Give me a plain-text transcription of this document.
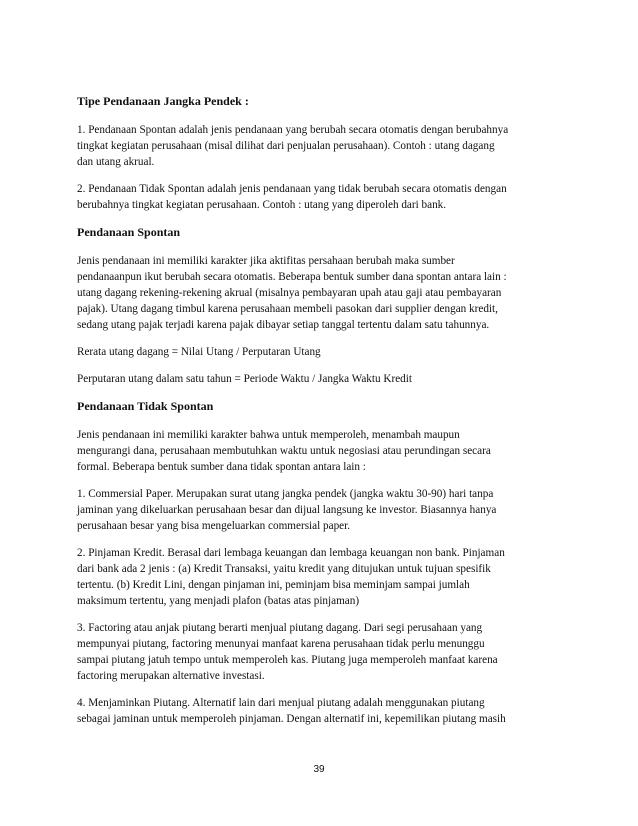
Tipe Pendanaan Jangka Pendek :
1. Pendanaan Spontan adalah jenis pendanaan yang berubah secara otomatis dengan berubahnya
tingkat kegiatan perusahaan (misal dilihat dari penjualan perusahaan). Contoh : utang dagang
dan utang akrual.
2. Pendanaan Tidak Spontan adalah jenis pendanaan yang tidak berubah secara otomatis dengan
berubahnya tingkat kegiatan perusahaan. Contoh : utang yang diperoleh dari bank.
Pendanaan Spontan
Jenis pendanaan ini memiliki karakter jika aktifitas persahaan berubah maka sumber
pendanaanpun ikut berubah secara otomatis. Beberapa bentuk sumber dana spontan antara lain :
utang dagang rekening-rekening akrual (misalnya pembayaran upah atau gaji atau pembayaran
pajak). Utang dagang timbul karena perusahaan membeli pasokan dari supplier dengan kredit,
sedang utang pajak terjadi karena pajak dibayar setiap tanggal tertentu dalam satu tahunnya.
Rerata utang dagang = Nilai Utang / Perputaran Utang
Perputaran utang dalam satu tahun = Periode Waktu / Jangka Waktu Kredit
Pendanaan Tidak Spontan
Jenis pendanaan ini memiliki karakter bahwa untuk memperoleh, menambah maupun
mengurangi dana, perusahaan membutuhkan waktu untuk negosiasi atau perundingan secara
formal. Beberapa bentuk sumber dana tidak spontan antara lain :
1. Commersial Paper. Merupakan surat utang jangka pendek (jangka waktu 30-90) hari tanpa
jaminan yang dikeluarkan perusahaan besar dan dijual langsung ke investor. Biasannya hanya
perusahaan besar yang bisa mengeluarkan commersial paper.
2. Pinjaman Kredit. Berasal dari lembaga keuangan dan lembaga keuangan non bank. Pinjaman
dari bank ada 2 jenis : (a) Kredit Transaksi, yaitu kredit yang ditujukan untuk tujuan spesifik
tertentu. (b) Kredit Lini, dengan pinjaman ini, peminjam bisa meminjam sampai jumlah
maksimum tertentu, yang menjadi plafon (batas atas pinjaman)
3. Factoring atau anjak piutang berarti menjual piutang dagang. Dari segi perusahaan yang
mempunyai piutang, factoring menunyai manfaat karena perusahaan tidak perlu menunggu
sampai piutang jatuh tempo untuk memperoleh kas. Piutang juga memperoleh manfaat karena
factoring merupakan alternative investasi.
4. Menjaminkan Piutang. Alternatif lain dari menjual piutang adalah menggunakan piutang
sebagai jaminan untuk memperoleh pinjaman. Dengan alternatif ini, kepemilikan piutang masih
39
